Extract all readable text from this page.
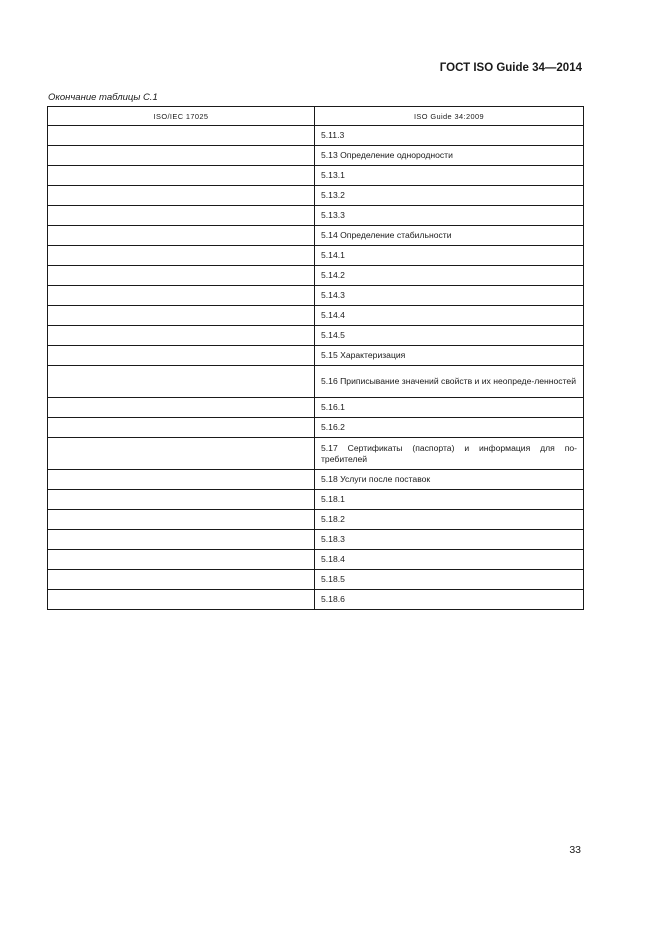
ГОСТ ISO Guide 34—2014
Окончание таблицы С.1
ISO/IEC 17025	ISO Guide 34:2009
	5.11.3
	5.13 Определение однородности
	5.13.1
	5.13.2
	5.13.3
	5.14 Определение стабильности
	5.14.1
	5.14.2
	5.14.3
	5.14.4
	5.14.5
	5.15 Характеризация
	5.16 Приписывание значений свойств и их неопреде-ленностей
	5.16.1
	5.16.2
	5.17 Сертификаты (паспорта) и информация для по-требителей
	5.18 Услуги после поставок
	5.18.1
	5.18.2
	5.18.3
	5.18.4
	5.18.5
	5.18.6
33
